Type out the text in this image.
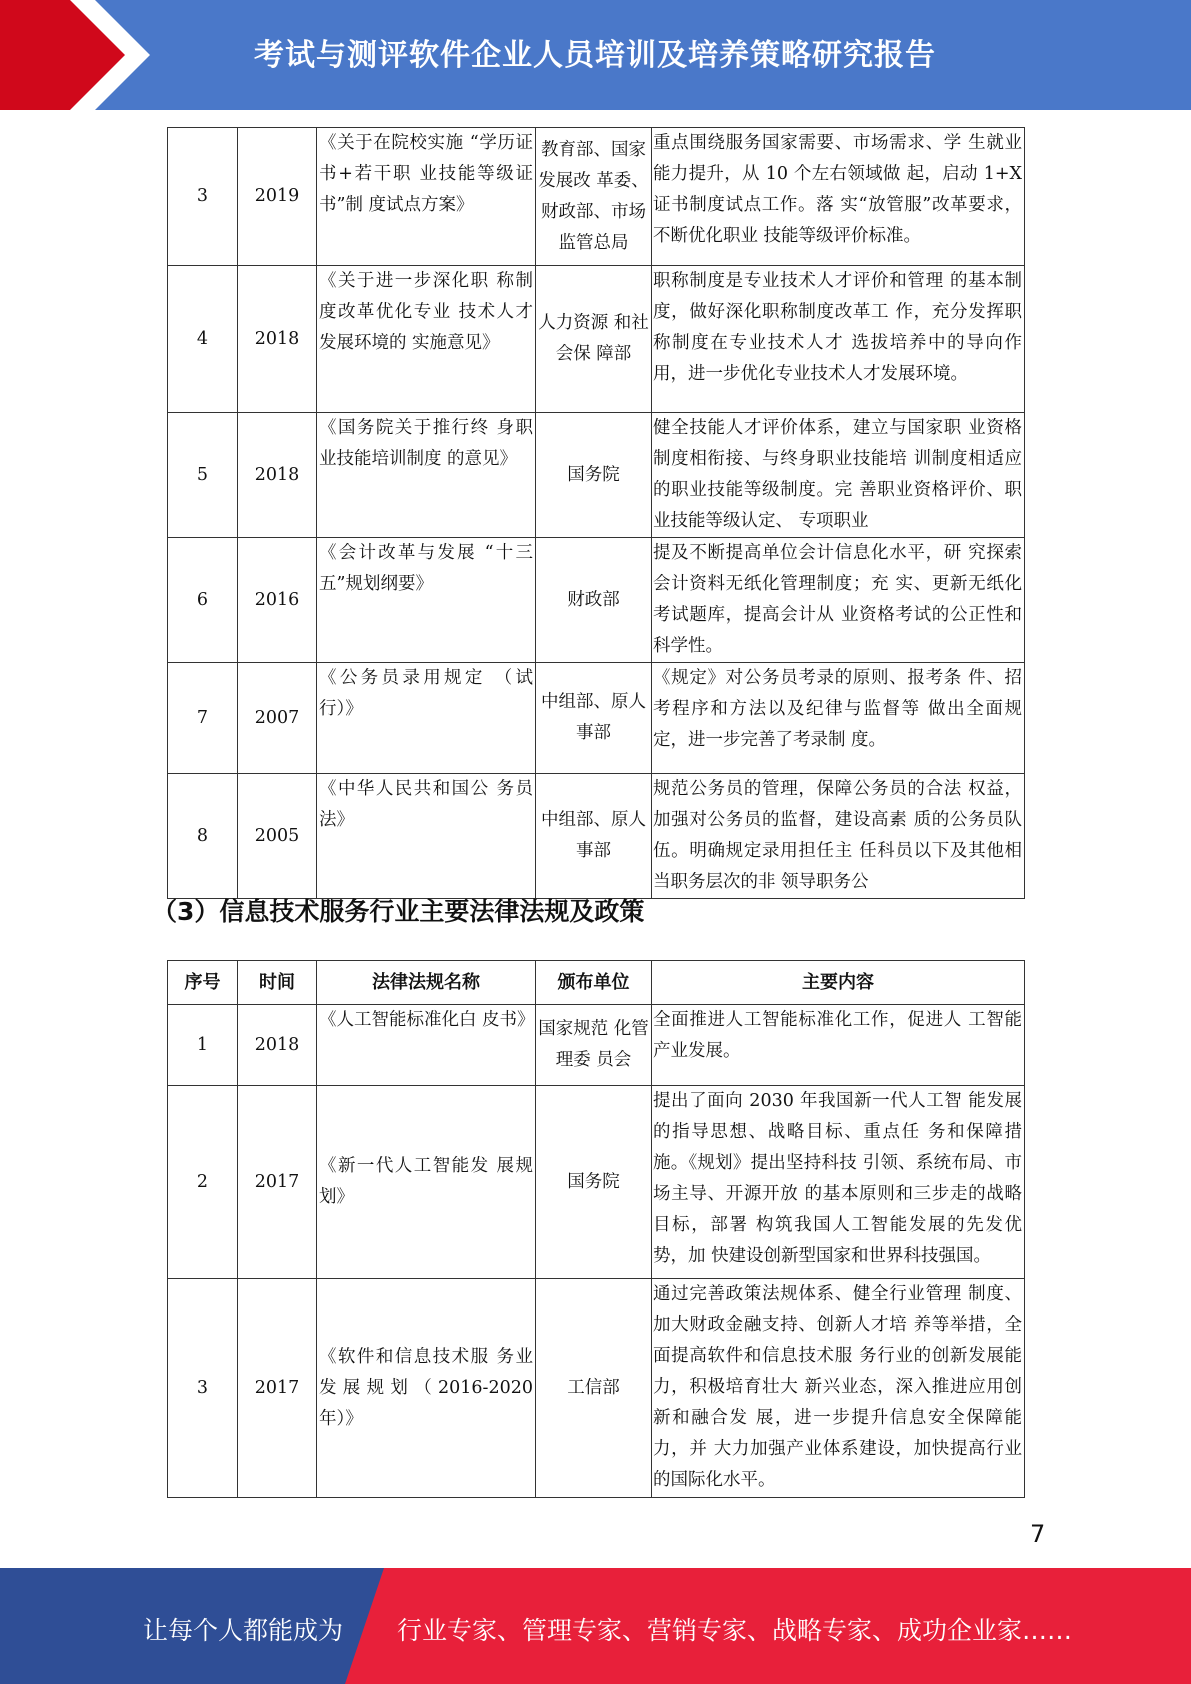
考试与测评软件企业人员培训及培养策略研究报告
3	2019	《关于在院校实施 “学历证书+若干职 业技能等级证书”制 度试点方案》	教育部、国家发展改 革委、财政部、市场监管总局	重点围绕服务国家需要、市场需求、学 生就业能力提升，从 10 个左右领域做 起，启动 1+X 证书制度试点工作。落 实“放管服”改革要求，不断优化职业 技能等级评价标准。
4	2018	《关于进一步深化职 称制度改革优化专业 技术人才发展环境的 实施意见》	人力资源 和社会保 障部	职称制度是专业技术人才评价和管理 的基本制度，做好深化职称制度改革工 作，充分发挥职称制度在专业技术人才 选拔培养中的导向作用，进一步优化专业技术人才发展环境。
5	2018	《国务院关于推行终 身职业技能培训制度 的意见》	国务院	健全技能人才评价体系，建立与国家职 业资格制度相衔接、与终身职业技能培 训制度相适应的职业技能等级制度。完 善职业资格评价、职业技能等级认定、 专项职业
6	2016	《会计改革与发展 “十三五”规划纲要》	财政部	提及不断提高单位会计信息化水平，研 究探索会计资料无纸化管理制度；充 实、更新无纸化考试题库，提高会计从 业资格考试的公正性和科学性。
7	2007	《公务员录用规定 （试行）》	中组部、原人事部	《规定》对公务员考录的原则、报考条 件、招考程序和方法以及纪律与监督等 做出全面规定，进一步完善了考录制 度。
8	2005	《中华人民共和国公 务员法》	中组部、原人事部	规范公务员的管理，保障公务员的合法 权益，加强对公务员的监督，建设高素 质的公务员队伍。明确规定录用担任主 任科员以下及其他相当职务层次的非 领导职务公
（3）信息技术服务行业主要法律法规及政策
序号	时间	法律法规名称	颁布单位	主要内容
1	2018	《人工智能标准化白 皮书》	国家规范 化管理委 员会	全面推进人工智能标准化工作，促进人 工智能产业发展。
2	2017	《新一代人工智能发 展规划》	国务院	提出了面向 2030 年我国新一代人工智 能发展的指导思想、战略目标、重点任 务和保障措施。《规划》提出坚持科技 引领、系统布局、市场主导、开源开放 的基本原则和三步走的战略目标，部署 构筑我国人工智能发展的先发优势，加 快建设创新型国家和世界科技强国。
3	2017	《软件和信息技术服 务业发展规划（2016-2020 年）》	工信部	通过完善政策法规体系、健全行业管理 制度、加大财政金融支持、创新人才培 养等举措，全面提高软件和信息技术服 务行业的创新发展能力，积极培育壮大 新兴业态，深入推进应用创新和融合发 展，进一步提升信息安全保障能力，并 大力加强产业体系建设，加快提高行业 的国际化水平。
7
让每个人都能成为 行业专家、管理专家、营销专家、战略专家、成功企业家……
